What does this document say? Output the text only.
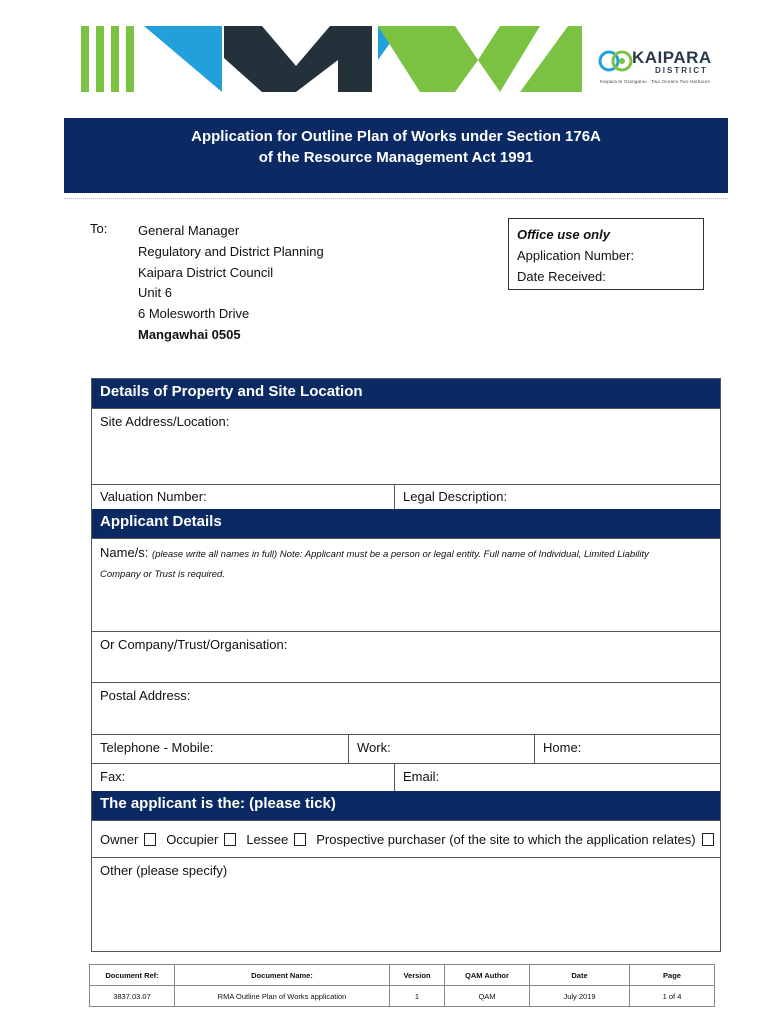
KAIPARA
DISTRICT
Kaipara te Oranganui · Two Oceans Two Harbours
Application for Outline Plan of Works under Section 176A
of the Resource Management Act 1991
To: General Manager
Regulatory and District Planning
Kaipara District Council
Unit 6
6 Molesworth Drive
Mangawhai 0505
Office use only
Application Number:
Date Received:
Details of Property and Site Location
Site Address/Location:
Valuation Number:	Legal Description:
Applicant Details
Name/s: (please write all names in full) Note: Applicant must be a person or legal entity. Full name of Individual, Limited Liability
Company or Trust is required.
Or Company/Trust/Organisation:
Postal Address:
Telephone - Mobile:	Work:	Home:
Fax:	Email:
The applicant is the: (please tick)
Owner Occupier Lessee Prospective purchaser (of the site to which the application relates)
Other (please specify)
Document Ref:	Document Name:	Version	QAM Author	Date	Page
3837.03.07	RMA Outline Plan of Works application	1	QAM	July 2019	1 of 4
